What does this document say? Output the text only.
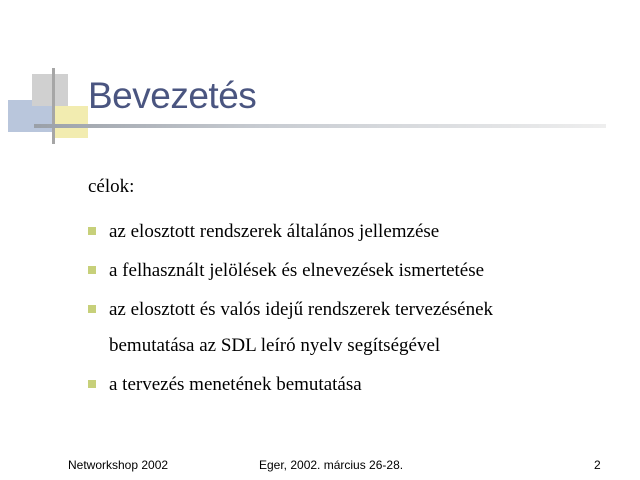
Bevezetés
célok:
az elosztott rendszerek általános jellemzése
a felhasznált jelölések és elnevezések ismertetése
az elosztott és valós idejű rendszerek tervezésének
bemutatása az SDL leíró nyelv segítségével
a tervezés menetének bemutatása
Networkshop 2002	Eger, 2002. március 26-28.	2
